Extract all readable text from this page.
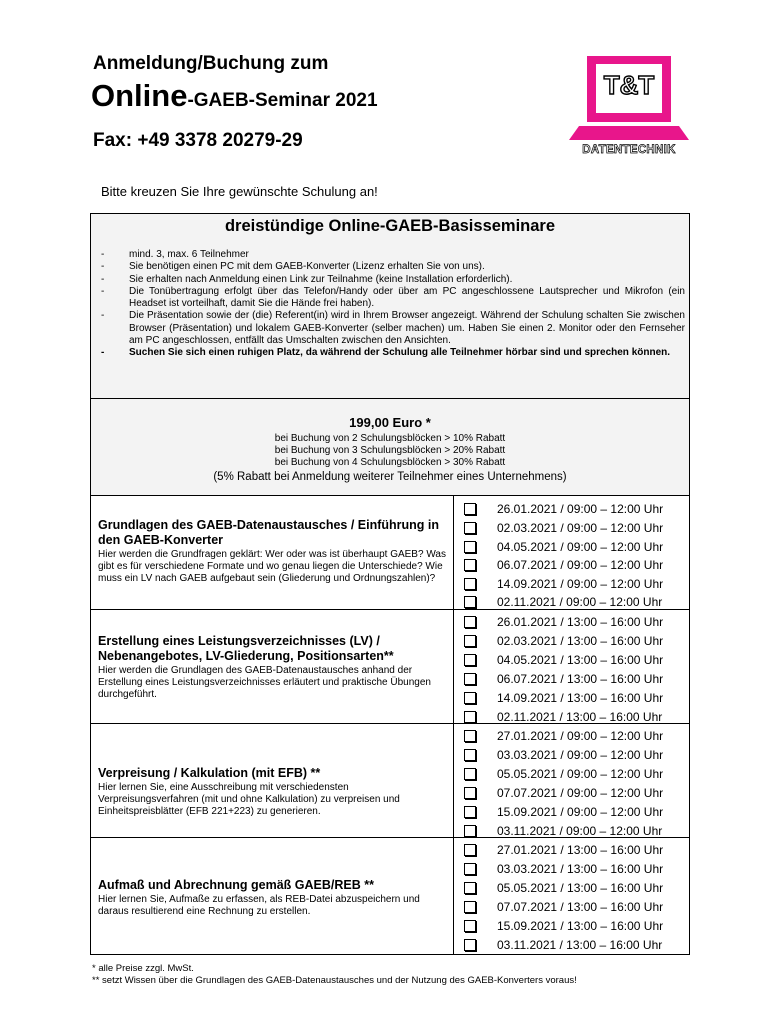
Anmeldung/Buchung zum
Online-GAEB-Seminar 2021
Fax: +49 3378 20279-29
T&T
DATENTECHNIK
Bitte kreuzen Sie Ihre gewünschte Schulung an!
dreistündige Online-GAEB-Basisseminare
- mind. 3, max. 6 Teilnehmer
- Sie benötigen einen PC mit dem GAEB-Konverter (Lizenz erhalten Sie von uns).
- Sie erhalten nach Anmeldung einen Link zur Teilnahme (keine Installation erforderlich).
- Die Tonübertragung erfolgt über das Telefon/Handy oder über am PC angeschlossene Lautsprecher und Mikrofon (ein Headset ist vorteilhaft, damit Sie die Hände frei haben).
- Die Präsentation sowie der (die) Referent(in) wird in Ihrem Browser angezeigt. Während der Schulung schalten Sie zwischen Browser (Präsentation) und lokalem GAEB-Konverter (selber machen) um. Haben Sie einen 2. Monitor oder den Fernseher am PC angeschlossen, entfällt das Umschalten zwischen den Ansichten.
- Suchen Sie sich einen ruhigen Platz, da während der Schulung alle Teilnehmer hörbar sind und sprechen können.
199,00 Euro *
bei Buchung von 2 Schulungsblöcken > 10% Rabatt
bei Buchung von 3 Schulungsblöcken > 20% Rabatt
bei Buchung von 4 Schulungsblöcken > 30% Rabatt
(5% Rabatt bei Anmeldung weiterer Teilnehmer eines Unternehmens)
Grundlagen des GAEB-Datenaustausches / Einführung in den GAEB-Konverter
Hier werden die Grundfragen geklärt: Wer oder was ist überhaupt GAEB? Was gibt es für verschiedene Formate und wo genau liegen die Unterschiede? Wie muss ein LV nach GAEB aufgebaut sein (Gliederung und Ordnungszahlen)?
26.01.2021 / 09:00 – 12:00 Uhr
02.03.2021 / 09:00 – 12:00 Uhr
04.05.2021 / 09:00 – 12:00 Uhr
06.07.2021 / 09:00 – 12:00 Uhr
14.09.2021 / 09:00 – 12:00 Uhr
02.11.2021 / 09:00 – 12:00 Uhr
Erstellung eines Leistungsverzeichnisses (LV) / Nebenangebotes, LV-Gliederung, Positionsarten**
Hier werden die Grundlagen des GAEB-Datenaustausches anhand der Erstellung eines Leistungsverzeichnisses erläutert und praktische Übungen durchgeführt.
26.01.2021 / 13:00 – 16:00 Uhr
02.03.2021 / 13:00 – 16:00 Uhr
04.05.2021 / 13:00 – 16:00 Uhr
06.07.2021 / 13:00 – 16:00 Uhr
14.09.2021 / 13:00 – 16:00 Uhr
02.11.2021 / 13:00 – 16:00 Uhr
Verpreisung / Kalkulation (mit EFB) **
Hier lernen Sie, eine Ausschreibung mit verschiedensten Verpreisungsverfahren (mit und ohne Kalkulation) zu verpreisen und Einheitspreisblätter (EFB 221+223) zu generieren.
27.01.2021 / 09:00 – 12:00 Uhr
03.03.2021 / 09:00 – 12:00 Uhr
05.05.2021 / 09:00 – 12:00 Uhr
07.07.2021 / 09:00 – 12:00 Uhr
15.09.2021 / 09:00 – 12:00 Uhr
03.11.2021 / 09:00 – 12:00 Uhr
Aufmaß und Abrechnung gemäß GAEB/REB **
Hier lernen Sie, Aufmaße zu erfassen, als REB-Datei abzuspeichern und daraus resultierend eine Rechnung zu erstellen.
27.01.2021 / 13:00 – 16:00 Uhr
03.03.2021 / 13:00 – 16:00 Uhr
05.05.2021 / 13:00 – 16:00 Uhr
07.07.2021 / 13:00 – 16:00 Uhr
15.09.2021 / 13:00 – 16:00 Uhr
03.11.2021 / 13:00 – 16:00 Uhr
* alle Preise zzgl. MwSt.
** setzt Wissen über die Grundlagen des GAEB-Datenaustausches und der Nutzung des GAEB-Konverters voraus!
